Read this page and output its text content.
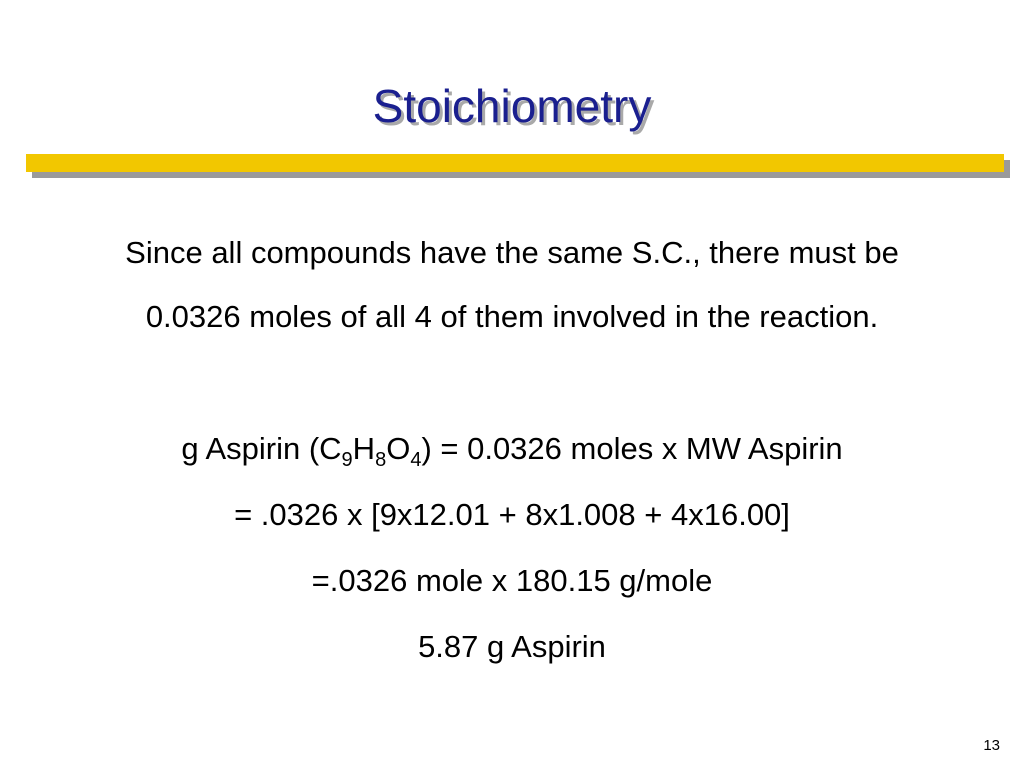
Stoichiometry
Since all compounds have the same S.C., there must be
0.0326 moles of all 4 of them involved in the reaction.
g Aspirin $(C_9H_8O_4) = 0.0326$ moles x MW Aspirin
= .0326 x [9x12.01 + 8x1.008 + 4x16.00]
=.0326 mole x 180.15 g/mole
5.87 g Aspirin
13
